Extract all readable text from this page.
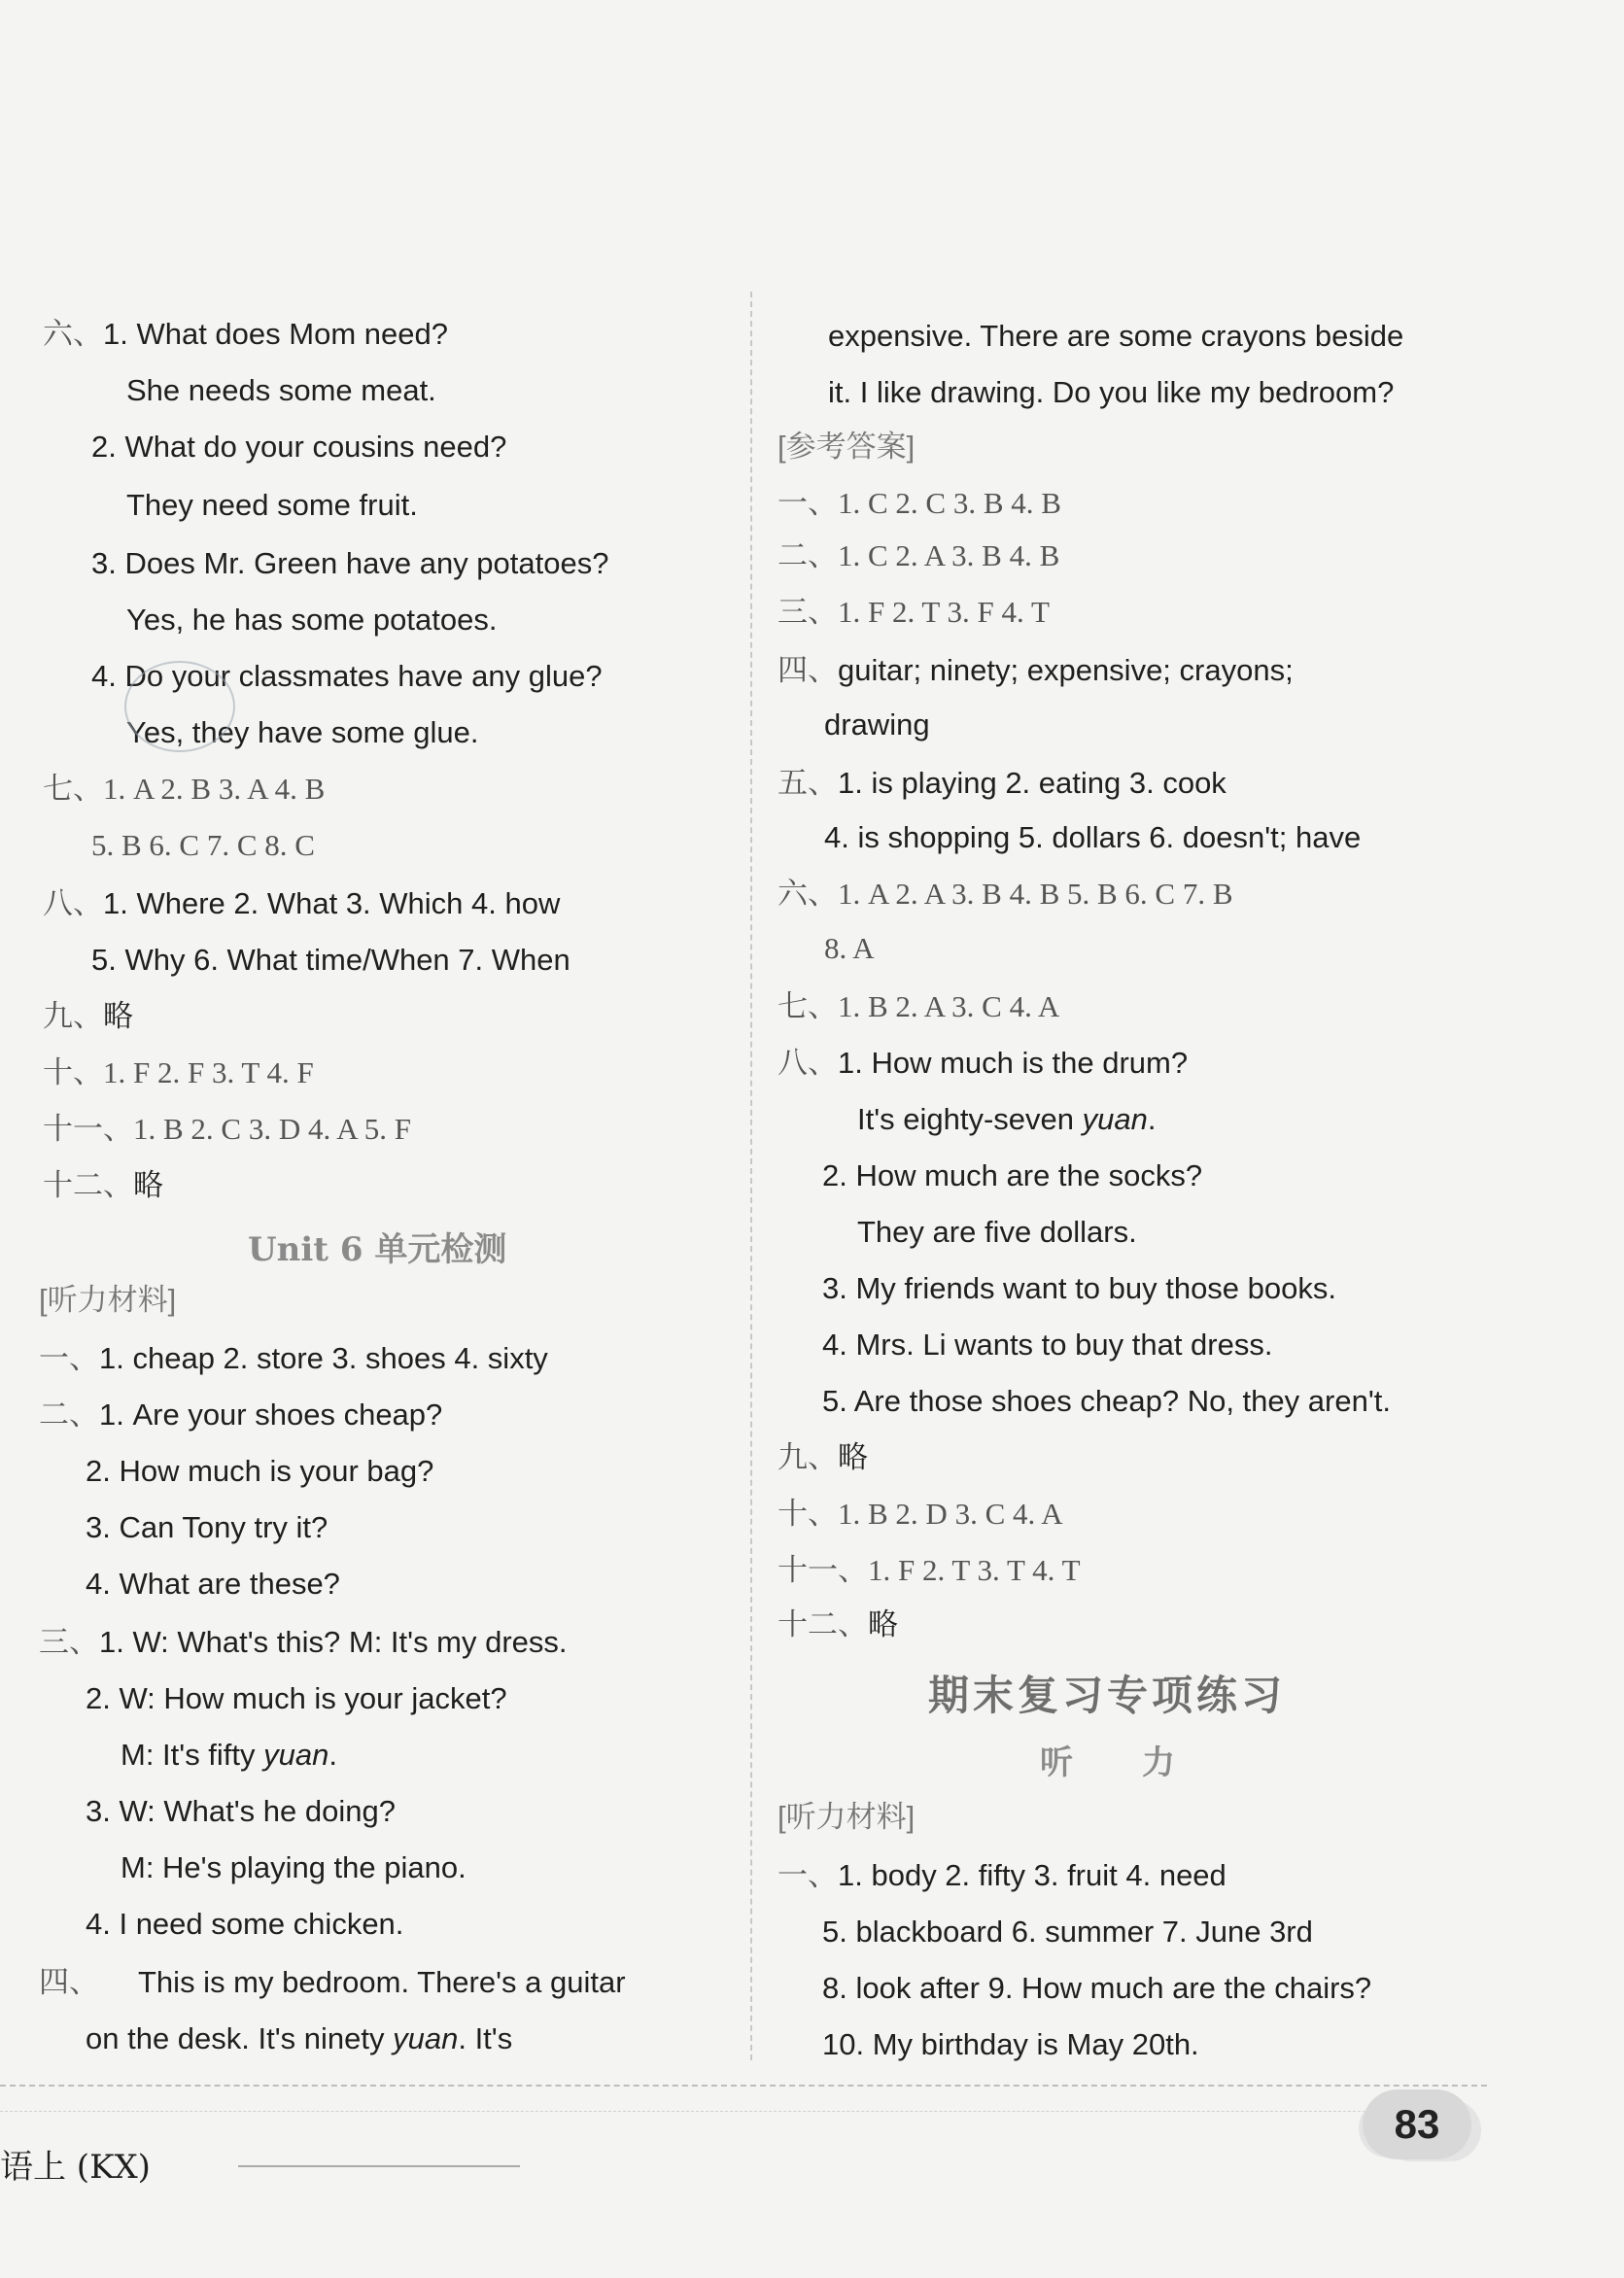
六、1. What does Mom need?
She needs some meat.
2. What do your cousins need?
They need some fruit.
3. Does Mr. Green have any potatoes?
Yes, he has some potatoes.
4. Do your classmates have any glue?
Yes, they have some glue.
七、1. A 2. B 3. A 4. B
5. B 6. C 7. C 8. C
八、1. Where 2. What 3. Which 4. how
5. Why 6. What time/When 7. When
九、略
十、1. F 2. F 3. T 4. F
十一、1. B 2. C 3. D 4. A 5. F
十二、略
Unit 6 单元检测
[听力材料]
一、1. cheap 2. store 3. shoes 4. sixty
二、1. Are your shoes cheap?
2. How much is your bag?
3. Can Tony try it?
4. What are these?
三、1. W: What's this? M: It's my dress.
2. W: How much is your jacket?
M: It's fifty yuan.
3. W: What's he doing?
M: He's playing the piano.
4. I need some chicken.
四、 This is my bedroom. There's a guitar
on the desk. It's ninety yuan. It's
expensive. There are some crayons beside
it. I like drawing. Do you like my bedroom?
[参考答案]
一、1. C 2. C 3. B 4. B
二、1. C 2. A 3. B 4. B
三、1. F 2. T 3. F 4. T
四、guitar; ninety; expensive; crayons;
drawing
五、1. is playing 2. eating 3. cook
4. is shopping 5. dollars 6. doesn't; have
六、1. A 2. A 3. B 4. B 5. B 6. C 7. B
8. A
七、1. B 2. A 3. C 4. A
八、1. How much is the drum?
It's eighty-seven yuan.
2. How much are the socks?
They are five dollars.
3. My friends want to buy those books.
4. Mrs. Li wants to buy that dress.
5. Are those shoes cheap? No, they aren't.
九、略
十、1. B 2. D 3. C 4. A
十一、1. F 2. T 3. T 4. T
十二、略
期末复习专项练习
听      力
[听力材料]
一、1. body 2. fifty 3. fruit 4. need
5. blackboard 6. summer 7. June 3rd
8. look after 9. How much are the chairs?
10. My birthday is May 20th.
语上 (KX)
83
